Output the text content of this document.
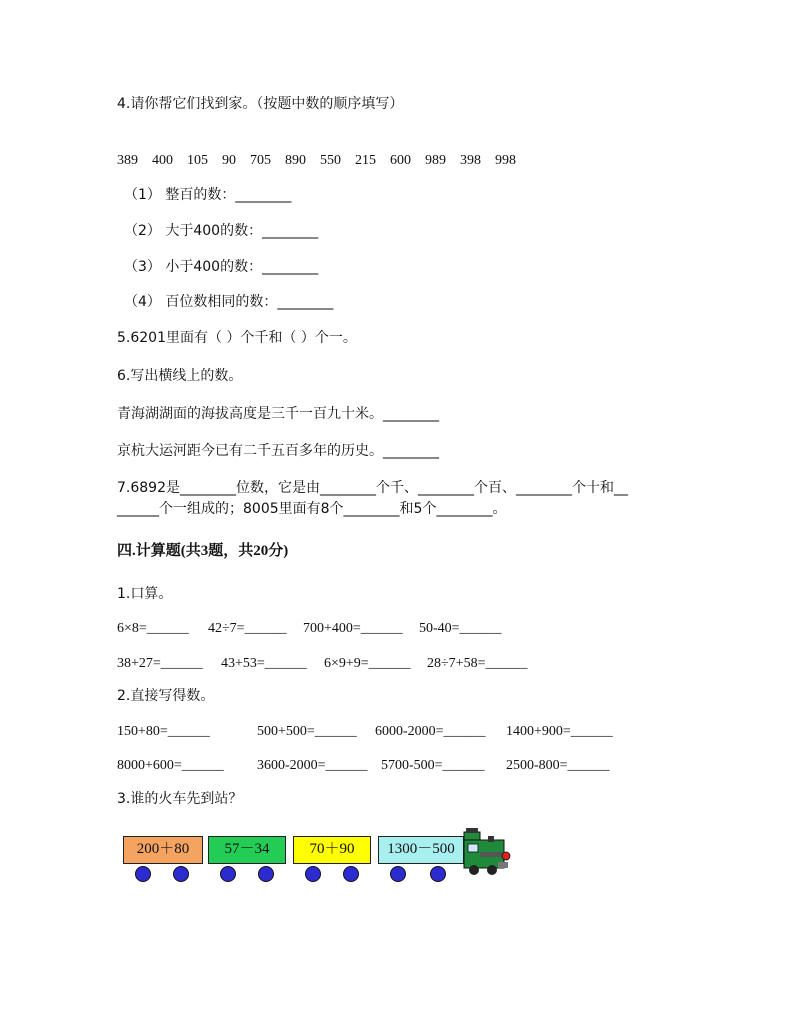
4.请你帮它们找到家。（按题中数的顺序填写）
389 400 105 90 705 890 550 215 600 989 398 998
（1） 整百的数：________
（2） 大于400的数：________
（3） 小于400的数：________
（4） 百位数相同的数：________
5.6201里面有（ ）个千和（ ）个一。
6.写出横线上的数。
青海湖湖面的海拔高度是三千一百九十米。________
京杭大运河距今已有二千五百多年的历史。________
7.6892是________位数，它是由________个千、________个百、________个十和__
______个一组成的；8005里面有8个________和5个________。
四.计算题(共3题，共20分)
1.口算。
6×8=______ 42÷7=______ 700+400=______ 50-40=______
38+27=______ 43+53=______ 6×9+9=______ 28÷7+58=______
2.直接写得数。
150+80=______	500+500=______ 6000-2000=______ 1400+900=______
8000+600=______ 3600-2000=______ 5700-500=______ 2500-800=______
3.谁的火车先到站？
200＋80	57－34	70＋90	1300－500
